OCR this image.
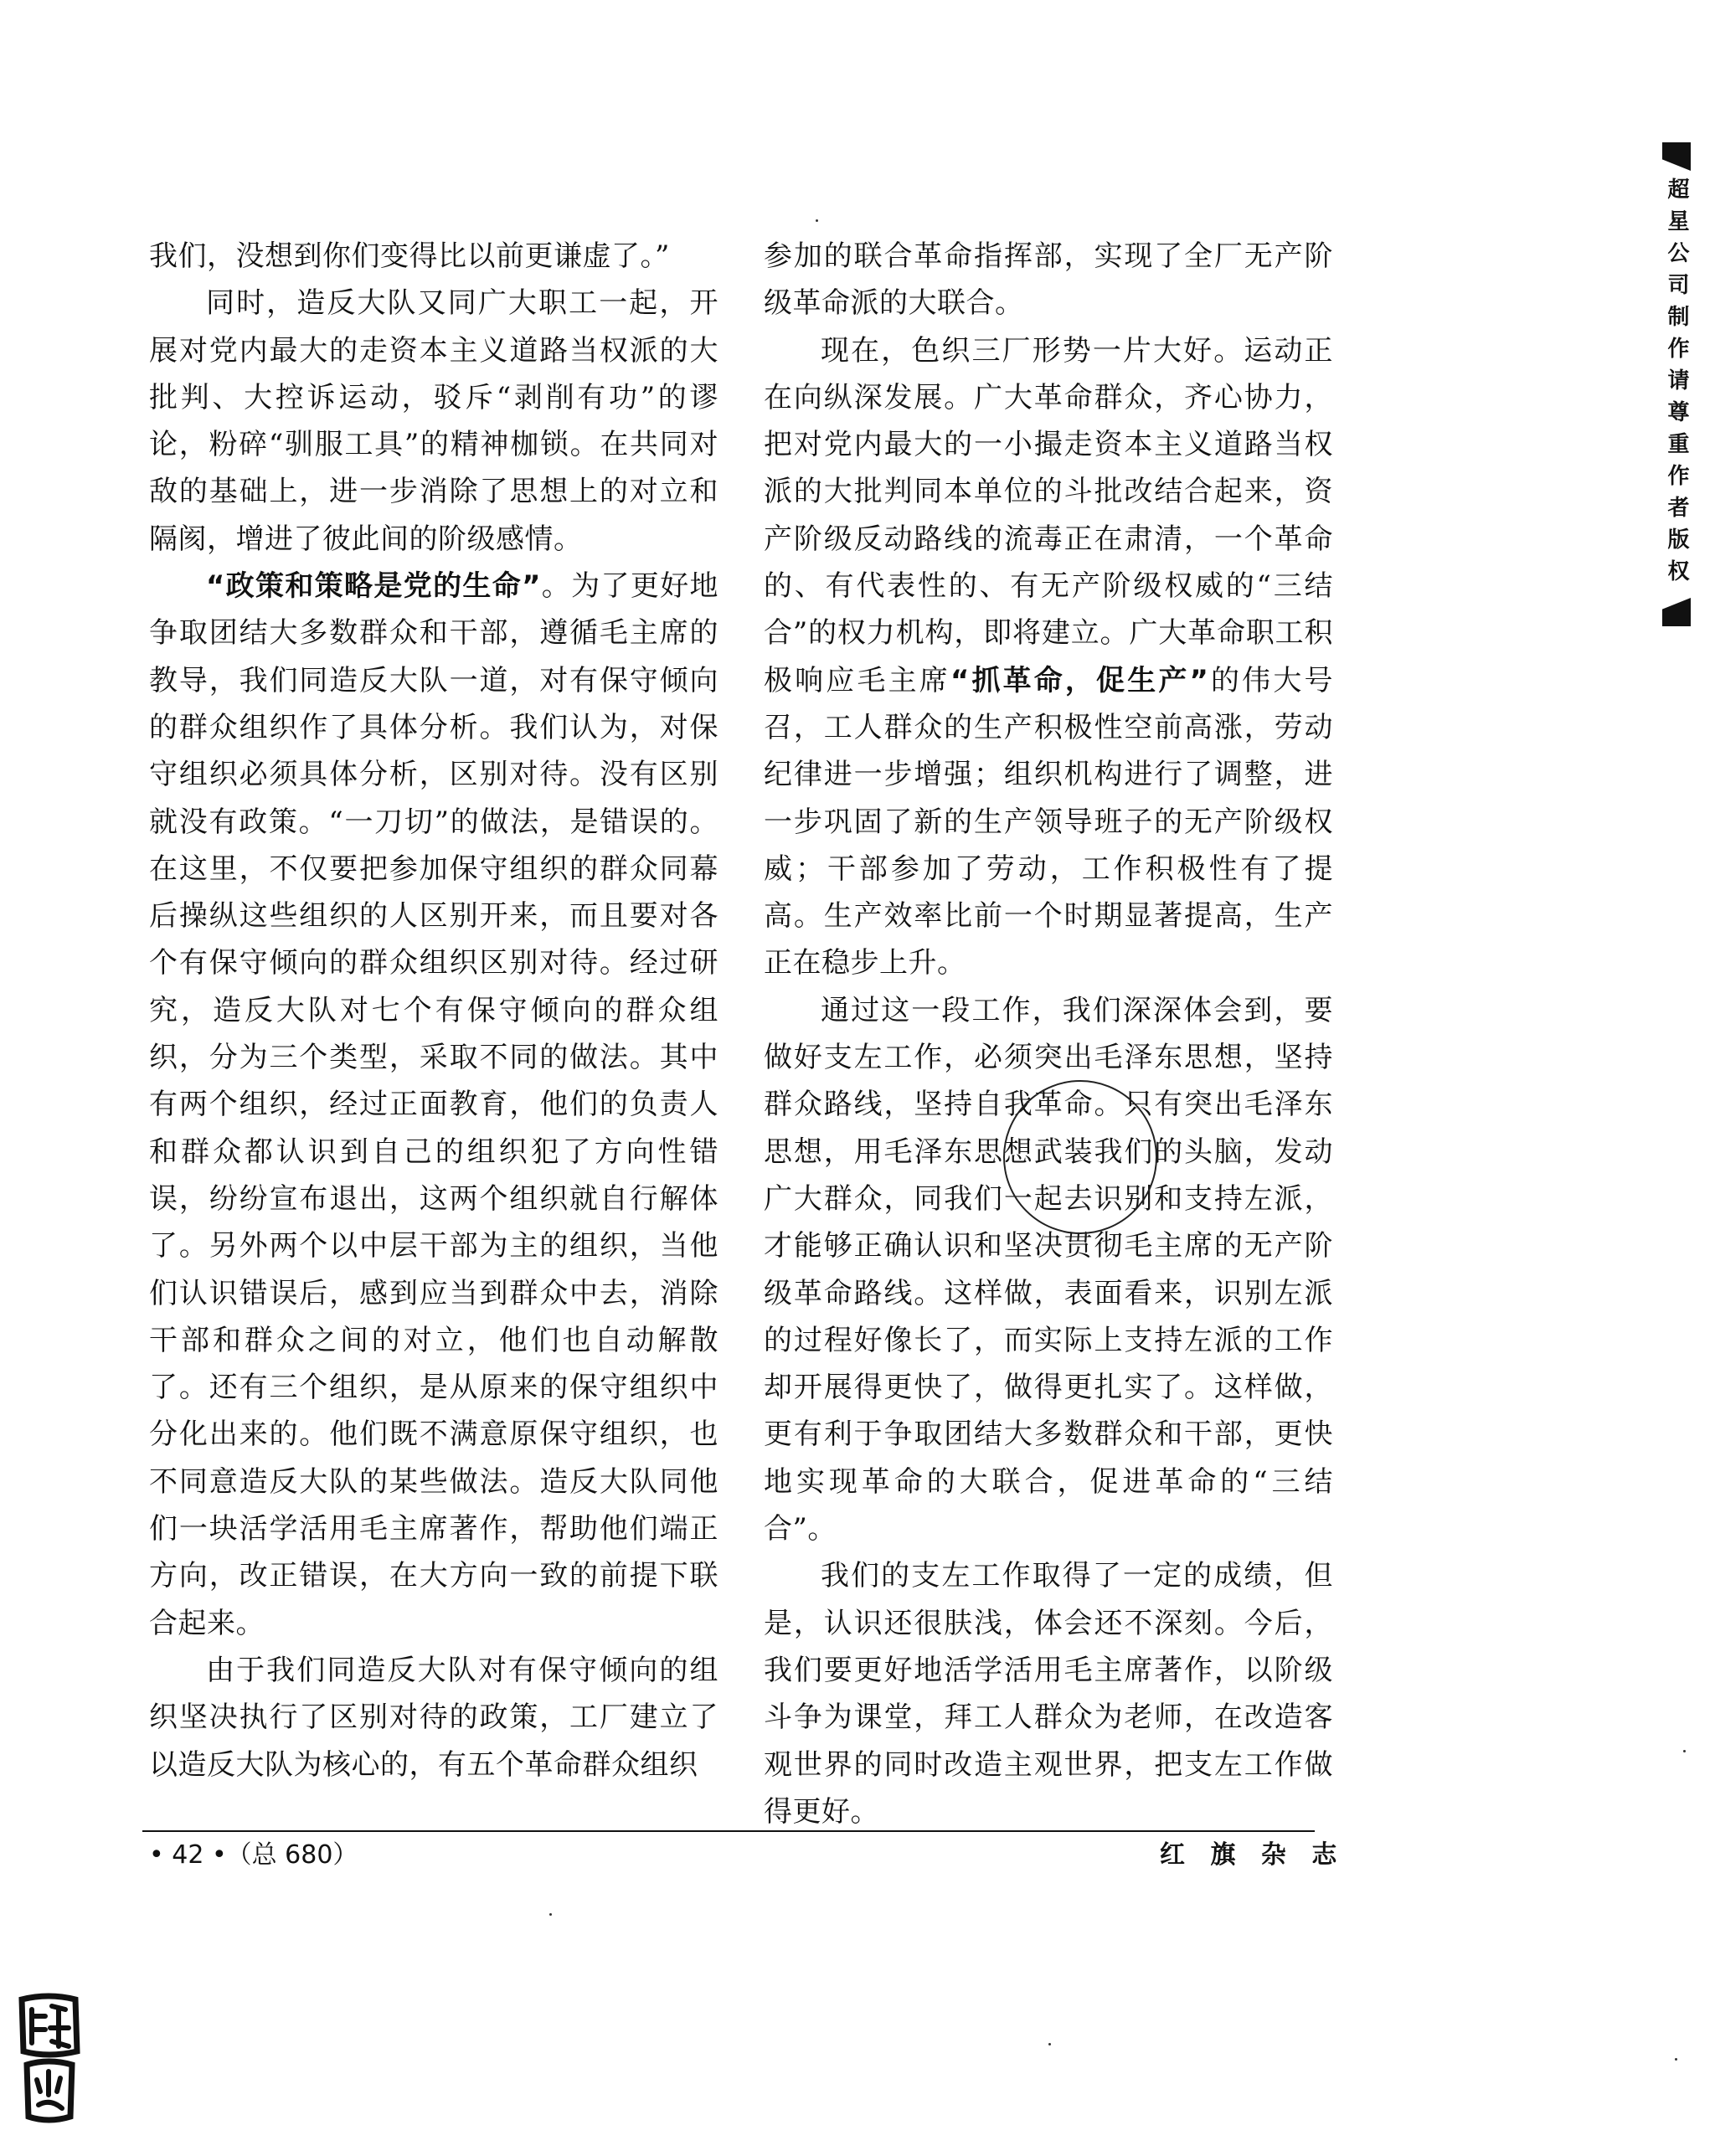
我们，没想到你们变得比以前更谦虚了。”

同时，造反大队又同广大职工一起，开展对党内最大的走资本主义道路当权派的大批判、大控诉运动，驳斥“剥削有功”的谬论，粉碎“驯服工具”的精神枷锁。在共同对敌的基础上，进一步消除了思想上的对立和隔阂，增进了彼此间的阶级感情。

“政策和策略是党的生命”。为了更好地争取团结大多数群众和干部，遵循毛主席的教导，我们同造反大队一道，对有保守倾向的群众组织作了具体分析。我们认为，对保守组织必须具体分析，区别对待。没有区别就没有政策。“一刀切”的做法，是错误的。在这里，不仅要把参加保守组织的群众同幕后操纵这些组织的人区别开来，而且要对各个有保守倾向的群众组织区别对待。经过研究，造反大队对七个有保守倾向的群众组织，分为三个类型，采取不同的做法。其中有两个组织，经过正面教育，他们的负责人和群众都认识到自己的组织犯了方向性错误，纷纷宣布退出，这两个组织就自行解体了。另外两个以中层干部为主的组织，当他们认识错误后，感到应当到群众中去，消除干部和群众之间的对立，他们也自动解散了。还有三个组织，是从原来的保守组织中分化出来的。他们既不满意原保守组织，也不同意造反大队的某些做法。造反大队同他们一块活学活用毛主席著作，帮助他们端正方向，改正错误，在大方向一致的前提下联合起来。

由于我们同造反大队对有保守倾向的组织坚决执行了区别对待的政策，工厂建立了以造反大队为核心的，有五个革命群众组织

参加的联合革命指挥部，实现了全厂无产阶级革命派的大联合。

现在，色织三厂形势一片大好。运动正在向纵深发展。广大革命群众，齐心协力，把对党内最大的一小撮走资本主义道路当权派的大批判同本单位的斗批改结合起来，资产阶级反动路线的流毒正在肃清，一个革命的、有代表性的、有无产阶级权威的“三结合”的权力机构，即将建立。广大革命职工积极响应毛主席“抓革命，促生产”的伟大号召，工人群众的生产积极性空前高涨，劳动纪律进一步增强；组织机构进行了调整，进一步巩固了新的生产领导班子的无产阶级权威；干部参加了劳动，工作积极性有了提高。生产效率比前一个时期显著提高，生产正在稳步上升。

通过这一段工作，我们深深体会到，要做好支左工作，必须突出毛泽东思想，坚持群众路线，坚持自我革命。只有突出毛泽东思想，用毛泽东思想武装我们的头脑，发动广大群众，同我们一起去识别和支持左派，才能够正确认识和坚决贯彻毛主席的无产阶级革命路线。这样做，表面看来，识别左派的过程好像长了，而实际上支持左派的工作却开展得更快了，做得更扎实了。这样做，更有利于争取团结大多数群众和干部，更快地实现革命的大联合，促进革命的“三结合”。

我们的支左工作取得了一定的成绩，但是，认识还很肤浅，体会还不深刻。今后，我们要更好地活学活用毛主席著作，以阶级斗争为课堂，拜工人群众为老师，在改造客观世界的同时改造主观世界，把支左工作做得更好。

• 42 •（总 680）	红 旗 杂 志
超星公司制作请尊重作者版权
